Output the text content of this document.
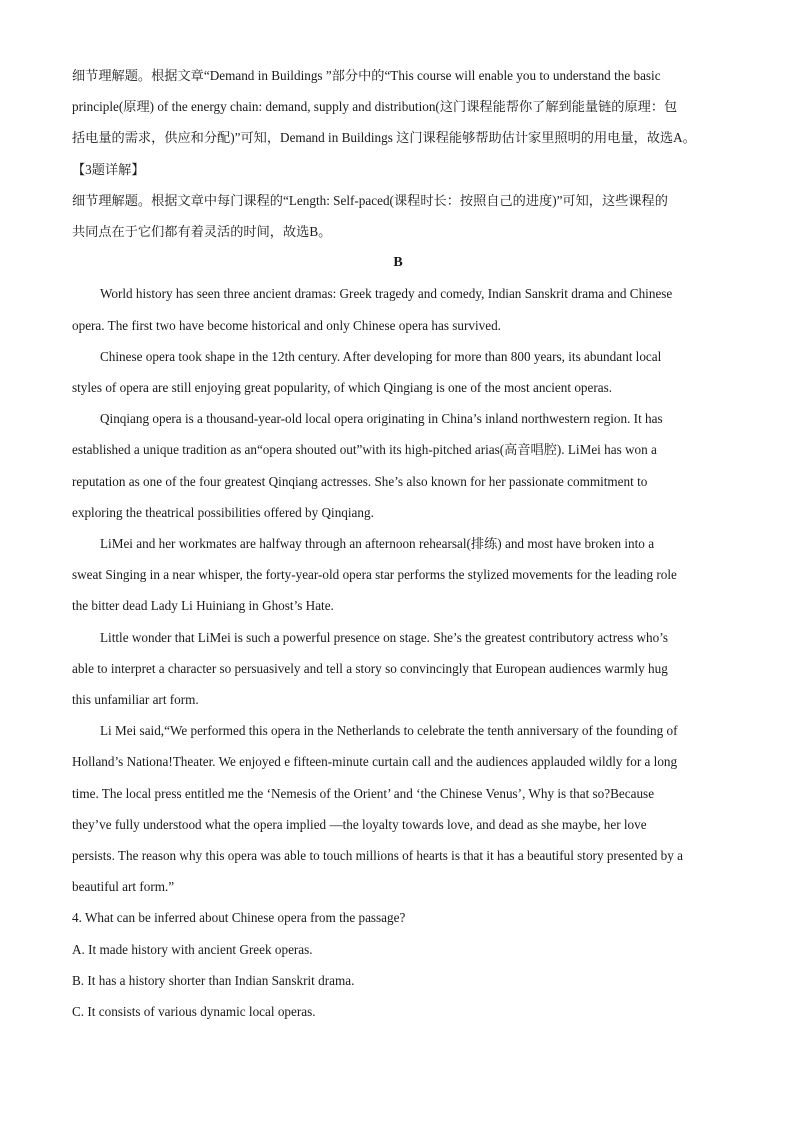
细节理解题。根据文章“Demand in Buildings ”部分中的“This course will enable you to understand the basic

principle(原理) of the energy chain: demand, supply and distribution(这门课程能帮你了解到能量链的原理：包

括电量的需求，供应和分配)”可知，Demand in Buildings 这门课程能够帮助估计家里照明的用电量，故选A。

【3题详解】

细节理解题。根据文章中每门课程的“Length: Self-paced(课程时长：按照自己的进度)”可知，这些课程的

共同点在于它们都有着灵活的时间，故选B。

B

World history has seen three ancient dramas: Greek tragedy and comedy, Indian Sanskrit drama and Chinese

opera. The first two have become historical and only Chinese opera has survived.

Chinese opera took shape in the 12th century. After developing for more than 800 years, its abundant local

styles of opera are still enjoying great popularity, of which Qingiang is one of the most ancient operas.

Qinqiang opera is a thousand-year-old local opera originating in China’s inland northwestern region. It has

established a unique tradition as an“opera shouted out”with its high-pitched arias(高音唱腔). LiMei has won a

reputation as one of the four greatest Qinqiang actresses. She’s also known for her passionate commitment to

exploring the theatrical possibilities offered by Qinqiang.

LiMei and her workmates are halfway through an afternoon rehearsal(排练) and most have broken into a

sweat Singing in a near whisper, the forty-year-old opera star performs the stylized movements for the leading role

the bitter dead Lady Li Huiniang in Ghost’s Hate.

Little wonder that LiMei is such a powerful presence on stage. She’s the greatest contributory actress who’s

able to interpret a character so persuasively and tell a story so convincingly that European audiences warmly hug

this unfamiliar art form.

Li Mei said,“We performed this opera in the Netherlands to celebrate the tenth anniversary of the founding of

Holland’s Nationa!Theater. We enjoyed e fifteen-minute curtain call and the audiences applauded wildly for a long

time. The local press entitled me the ‘Nemesis of the Orient’ and ‘the Chinese Venus’, Why is that so?Because

they’ve fully understood what the opera implied —the loyalty towards love, and dead as she maybe, her love

persists. The reason why this opera was able to touch millions of hearts is that it has a beautiful story presented by a

beautiful art form.”

4. What can be inferred about Chinese opera from the passage?

A. It made history with ancient Greek operas.

B. It has a history shorter than Indian Sanskrit drama.

C. It consists of various dynamic local operas.
